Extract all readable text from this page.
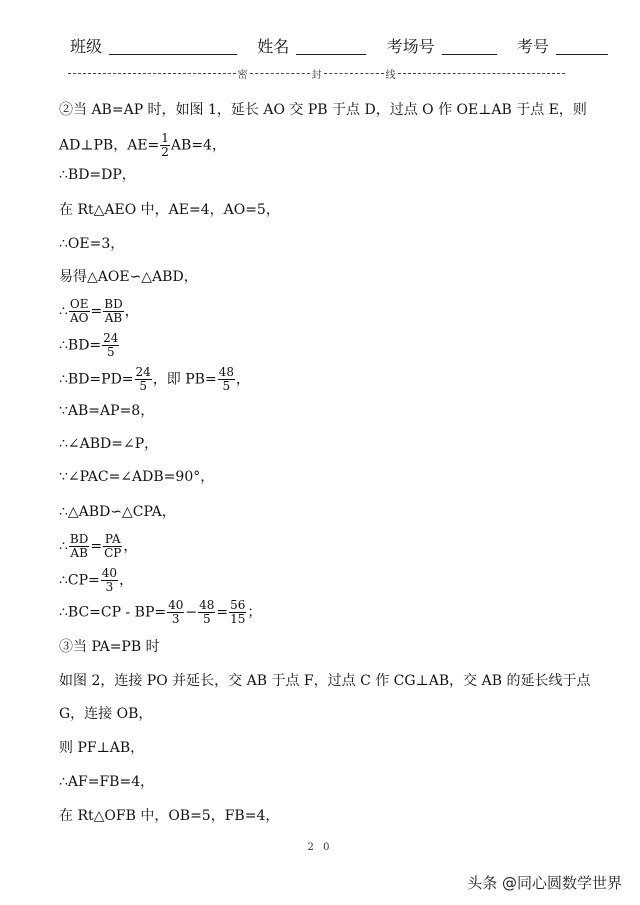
班级	姓名	考场号	考号
密	封	线
②当 AB=AP 时，如图 1，延长 AO 交 PB 于点 D，过点 O 作 OE⊥AB 于点 E，则
AD⊥PB，$AE= \frac{1}{2} AB=4$，
∴BD=DP，
在 Rt△AEO 中，AE=4，AO=5，
∴OE=3，
易得△AOE∽△ABD，
∴ $\frac{OE}{AO} = \frac{BD}{AB}$ ，
∴BD= $\frac{24}{5}$
∴BD=PD= $\frac{24}{5}$ ，即 $PB= \frac{48}{5}$ ，
∵AB=AP=8，
∴∠ABD=∠P，
∵∠PAC=∠ADB=90°，
∴△ABD∽△CPA，
∴ $\frac{BD}{AB} = \frac{PA}{CP}$ ，
∴CP= $\frac{40}{3}$ ，
∴BC=CP - $BP= \frac{40}{3} - \frac{48}{5} = \frac{56}{15}$ ；
③当 PA=PB 时
如图 2，连接 PO 并延长，交 AB 于点 F，过点 C 作 CG⊥AB，交 AB 的延长线于点
G，连接 OB，
则 PF⊥AB，
∴AF=FB=4，
在 Rt△OFB 中，OB=5，FB=4，
2 0
头条 @同心圆数学世界
